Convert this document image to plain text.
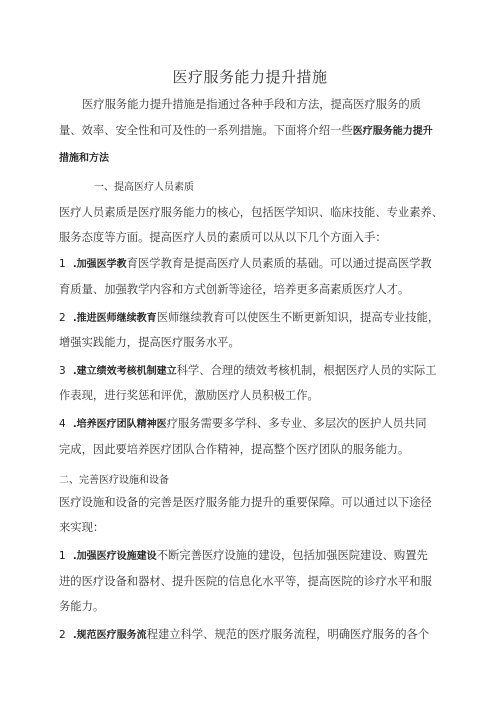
医疗服务能力提升措施
医疗服务能力提升措施是指通过各种手段和方法，提高医疗服务的质
量、效率、安全性和可及性的一系列措施。下面将介绍一些医疗服务能力提升
措施和方法
一、提高医疗人员素质
医疗人员素质是医疗服务能力的核心，包括医学知识、临床技能、专业素养、
服务态度等方面。提高医疗人员的素质可以从以下几个方面入手：
1 .加强医学教育医学教育是提高医疗人员素质的基础。可以通过提高医学教
育质量、加强教学内容和方式创新等途径，培养更多高素质医疗人才。
2 .推进医师继续教育医师继续教育可以使医生不断更新知识，提高专业技能，
增强实践能力，提高医疗服务水平。
3 .建立绩效考核机制建立科学、合理的绩效考核机制，根据医疗人员的实际工
作表现，进行奖惩和评优，激励医疗人员积极工作。
4 .培养医疗团队精神医疗服务需要多学科、多专业、多层次的医护人员共同
完成，因此要培养医疗团队合作精神，提高整个医疗团队的服务能力。
二、完善医疗设施和设备
医疗设施和设备的完善是医疗服务能力提升的重要保障。可以通过以下途径
来实现：
1 .加强医疗设施建设不断完善医疗设施的建设，包括加强医院建设、购置先
进的医疗设备和器材、提升医院的信息化水平等，提高医院的诊疗水平和服
务能力。
2 .规范医疗服务流程建立科学、规范的医疗服务流程，明确医疗服务的各个
